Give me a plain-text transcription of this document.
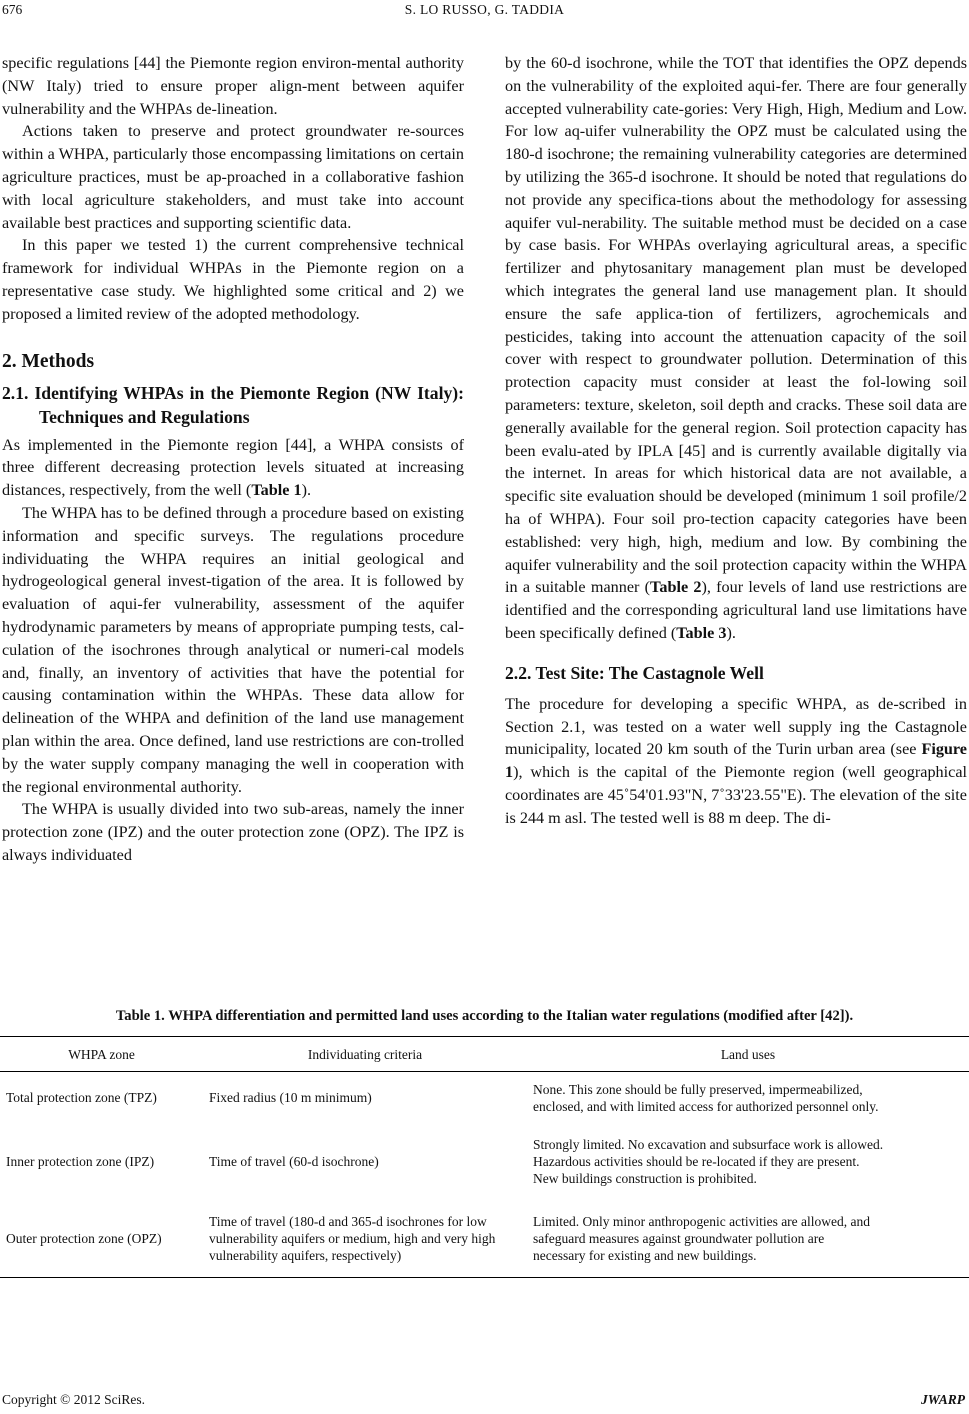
676	S. LO RUSSO, G. TADDIA

specific regulations [44] the Piemonte region environ-mental authority (NW Italy) tried to ensure proper align-ment between aquifer vulnerability and the WHPAs de-lineation.

Actions taken to preserve and protect groundwater re-sources within a WHPA, particularly those encompassing limitations on certain agriculture practices, must be ap-proached in a collaborative fashion with local agriculture stakeholders, and must take into account available best practices and supporting scientific data.

In this paper we tested 1) the current comprehensive technical framework for individual WHPAs in the Piemonte region on a representative case study. We highlighted some critical and 2) we proposed a limited review of the adopted methodology.

2. Methods
2.1. Identifying WHPAs in the Piemonte Region (NW Italy): Techniques and Regulations

As implemented in the Piemonte region [44], a WHPA consists of three different decreasing protection levels situated at increasing distances, respectively, from the well (Table 1).

The WHPA has to be defined through a procedure based on existing information and specific surveys. The regulations procedure individuating the WHPA requires an initial geological and hydrogeological general invest-tigation of the area. It is followed by evaluation of aqui-fer vulnerability, assessment of the aquifer hydrodynamic parameters by means of appropriate pumping tests, cal-culation of the isochrones through analytical or numeri-cal models and, finally, an inventory of activities that have the potential for causing contamination within the WHPAs. These data allow for delineation of the WHPA and definition of the land use management plan within the area. Once defined, land use restrictions are con-trolled by the water supply company managing the well in cooperation with the regional environmental authority.

The WHPA is usually divided into two sub-areas, namely the inner protection zone (IPZ) and the outer protection zone (OPZ). The IPZ is always individuated

by the 60-d isochrone, while the TOT that identifies the OPZ depends on the vulnerability of the exploited aqui-fer. There are four generally accepted vulnerability cate-gories: Very High, High, Medium and Low. For low aq-uifer vulnerability the OPZ must be calculated using the 180-d isochrone; the remaining vulnerability categories are determined by utilizing the 365-d isochrone. It should be noted that regulations do not provide any specifica-tions about the methodology for assessing aquifer vul-nerability. The suitable method must be decided on a case by case basis. For WHPAs overlaying agricultural areas, a specific fertilizer and phytosanitary management plan must be developed which integrates the general land use management plan. It should ensure the safe applica-tion of fertilizers, agrochemicals and pesticides, taking into account the attenuation capacity of the soil cover with respect to groundwater pollution. Determination of this protection capacity must consider at least the fol-lowing soil parameters: texture, skeleton, soil depth and cracks. These soil data are generally available for the general region. Soil protection capacity has been evalu-ated by IPLA [45] and is currently available digitally via the internet. In areas for which historical data are not available, a specific site evaluation should be developed (minimum 1 soil profile/2 ha of WHPA). Four soil pro-tection capacity categories have been established: very high, high, medium and low. By combining the aquifer vulnerability and the soil protection capacity within the WHPA in a suitable manner (Table 2), four levels of land use restrictions are identified and the corresponding agricultural land use limitations have been specifically defined (Table 3).

2.2. Test Site: The Castagnole Well

The procedure for developing a specific WHPA, as de-scribed in Section 2.1, was tested on a water well supply ing the Castagnole municipality, located 20 km south of the Turin urban area (see Figure 1), which is the capital of the Piemonte region (well geographical coordinates are 45˚54'01.93"N, 7˚33'23.55"E). The elevation of the site is 244 m asl. The tested well is 88 m deep. The di-

Table 1. WHPA differentiation and permitted land uses according to the Italian water regulations (modified after [42]).
WHPA zone	Individuating criteria	Land uses
Total protection zone (TPZ)	Fixed radius (10 m minimum)	None. This zone should be fully preserved, impermeabilized,
enclosed, and with limited access for authorized personnel only.

Inner protection zone (IPZ)	Time of travel (60-d isochrone)	Strongly limited. No excavation and subsurface work is allowed.
Hazardous activities should be re-located if they are present.
New buildings construction is prohibited.

Outer protection zone (OPZ)	Time of travel (180-d and 365-d isochrones for low vulnerability aquifers or medium, high and very high vulnerability aquifers, respectively)	Limited. Only minor anthropogenic activities are allowed, and
safeguard measures against groundwater pollution are
necessary for existing and new buildings.
Copyright © 2012 SciRes.	JWARP
